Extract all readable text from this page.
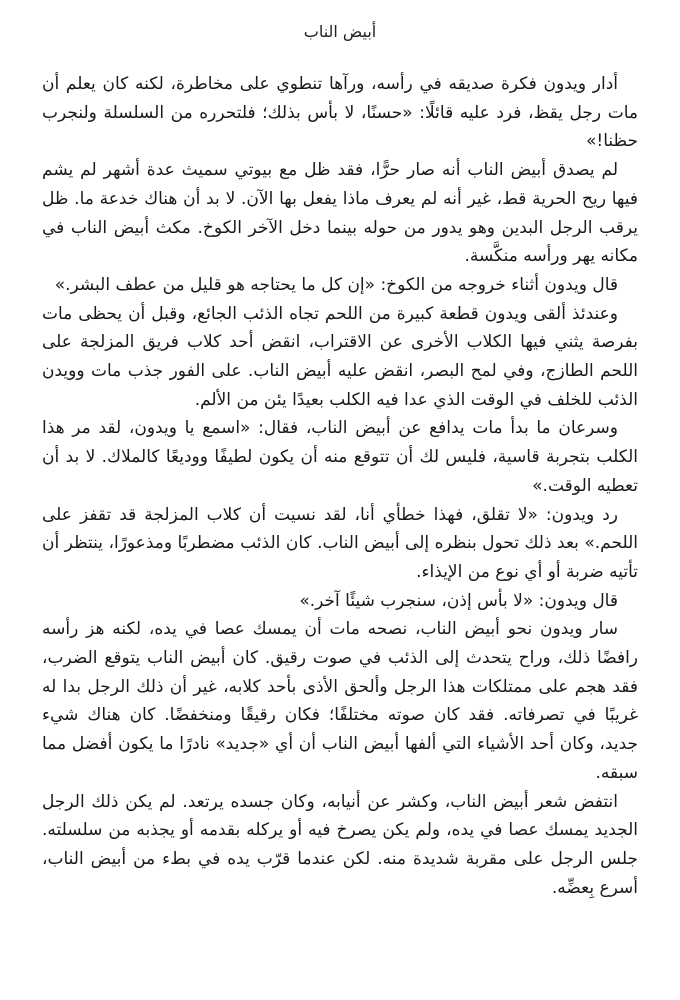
أبيض الناب

أدار ويدون فكرة صديقه في رأسه، ورآها تنطوي على مخاطرة، لكنه كان يعلم أن مات رجل يقظ، فرد عليه قائلًا: «حسنًا، لا بأس بذلك؛ فلتحرره من السلسلة ولنجرب حظنا!»

لم يصدق أبيض الناب أنه صار حرًّا، فقد ظل مع بيوتي سميث عدة أشهر لم يشم فيها ريح الحرية قط، غير أنه لم يعرف ماذا يفعل بها الآن. لا بد أن هناك خدعة ما. ظل يرقب الرجل البدين وهو يدور من حوله بينما دخل الآخر الكوخ. مكث أبيض الناب في مكانه يهر ورأسه منكَّسة.

قال ويدون أثناء خروجه من الكوخ: «إن كل ما يحتاجه هو قليل من عطف البشر.»

وعندئذ ألقى ويدون قطعة كبيرة من اللحم تجاه الذئب الجائع، وقبل أن يحظى مات بفرصة يثني فيها الكلاب الأخرى عن الاقتراب، انقض أحد كلاب فريق المزلجة على اللحم الطازج، وفي لمح البصر، انقض عليه أبيض الناب. على الفور جذب مات وويدن الذئب للخلف في الوقت الذي عدا فيه الكلب بعيدًا يئن من الألم.

وسرعان ما بدأ مات يدافع عن أبيض الناب، فقال: «اسمع يا ويدون، لقد مر هذا الكلب بتجربة قاسية، فليس لك أن تتوقع منه أن يكون لطيفًا ووديعًا كالملاك. لا بد أن تعطيه الوقت.»

رد ويدون: «لا تقلق، فهذا خطأي أنا، لقد نسيت أن كلاب المزلجة قد تقفز على اللحم.» بعد ذلك تحول بنظره إلى أبيض الناب. كان الذئب مضطربًا ومذعورًا، ينتظر أن تأتيه ضربة أو أي نوع من الإيذاء.

قال ويدون: «لا بأس إذن، سنجرب شيئًا آخر.»

سار ويدون نحو أبيض الناب، نصحه مات أن يمسك عصا في يده، لكنه هز رأسه رافضًا ذلك، وراح يتحدث إلى الذئب في صوت رقيق. كان أبيض الناب يتوقع الضرب، فقد هجم على ممتلكات هذا الرجل وألحق الأذى بأحد كلابه، غير أن ذلك الرجل بدا له غريبًا في تصرفاته. فقد كان صوته مختلفًا؛ فكان رقيقًا ومنخفضًا. كان هناك شيء جديد، وكان أحد الأشياء التي ألفها أبيض الناب أن أي «جديد» نادرًا ما يكون أفضل مما سبقه.

انتفض شعر أبيض الناب، وكشر عن أنيابه، وكان جسده يرتعد. لم يكن ذلك الرجل الجديد يمسك عصا في يده، ولم يكن يصرخ فيه أو يركله بقدمه أو يجذبه من سلسلته. جلس الرجل على مقربة شديدة منه. لكن عندما قرّب يده في بطء من أبيض الناب، أسرع بِعضِّه.
